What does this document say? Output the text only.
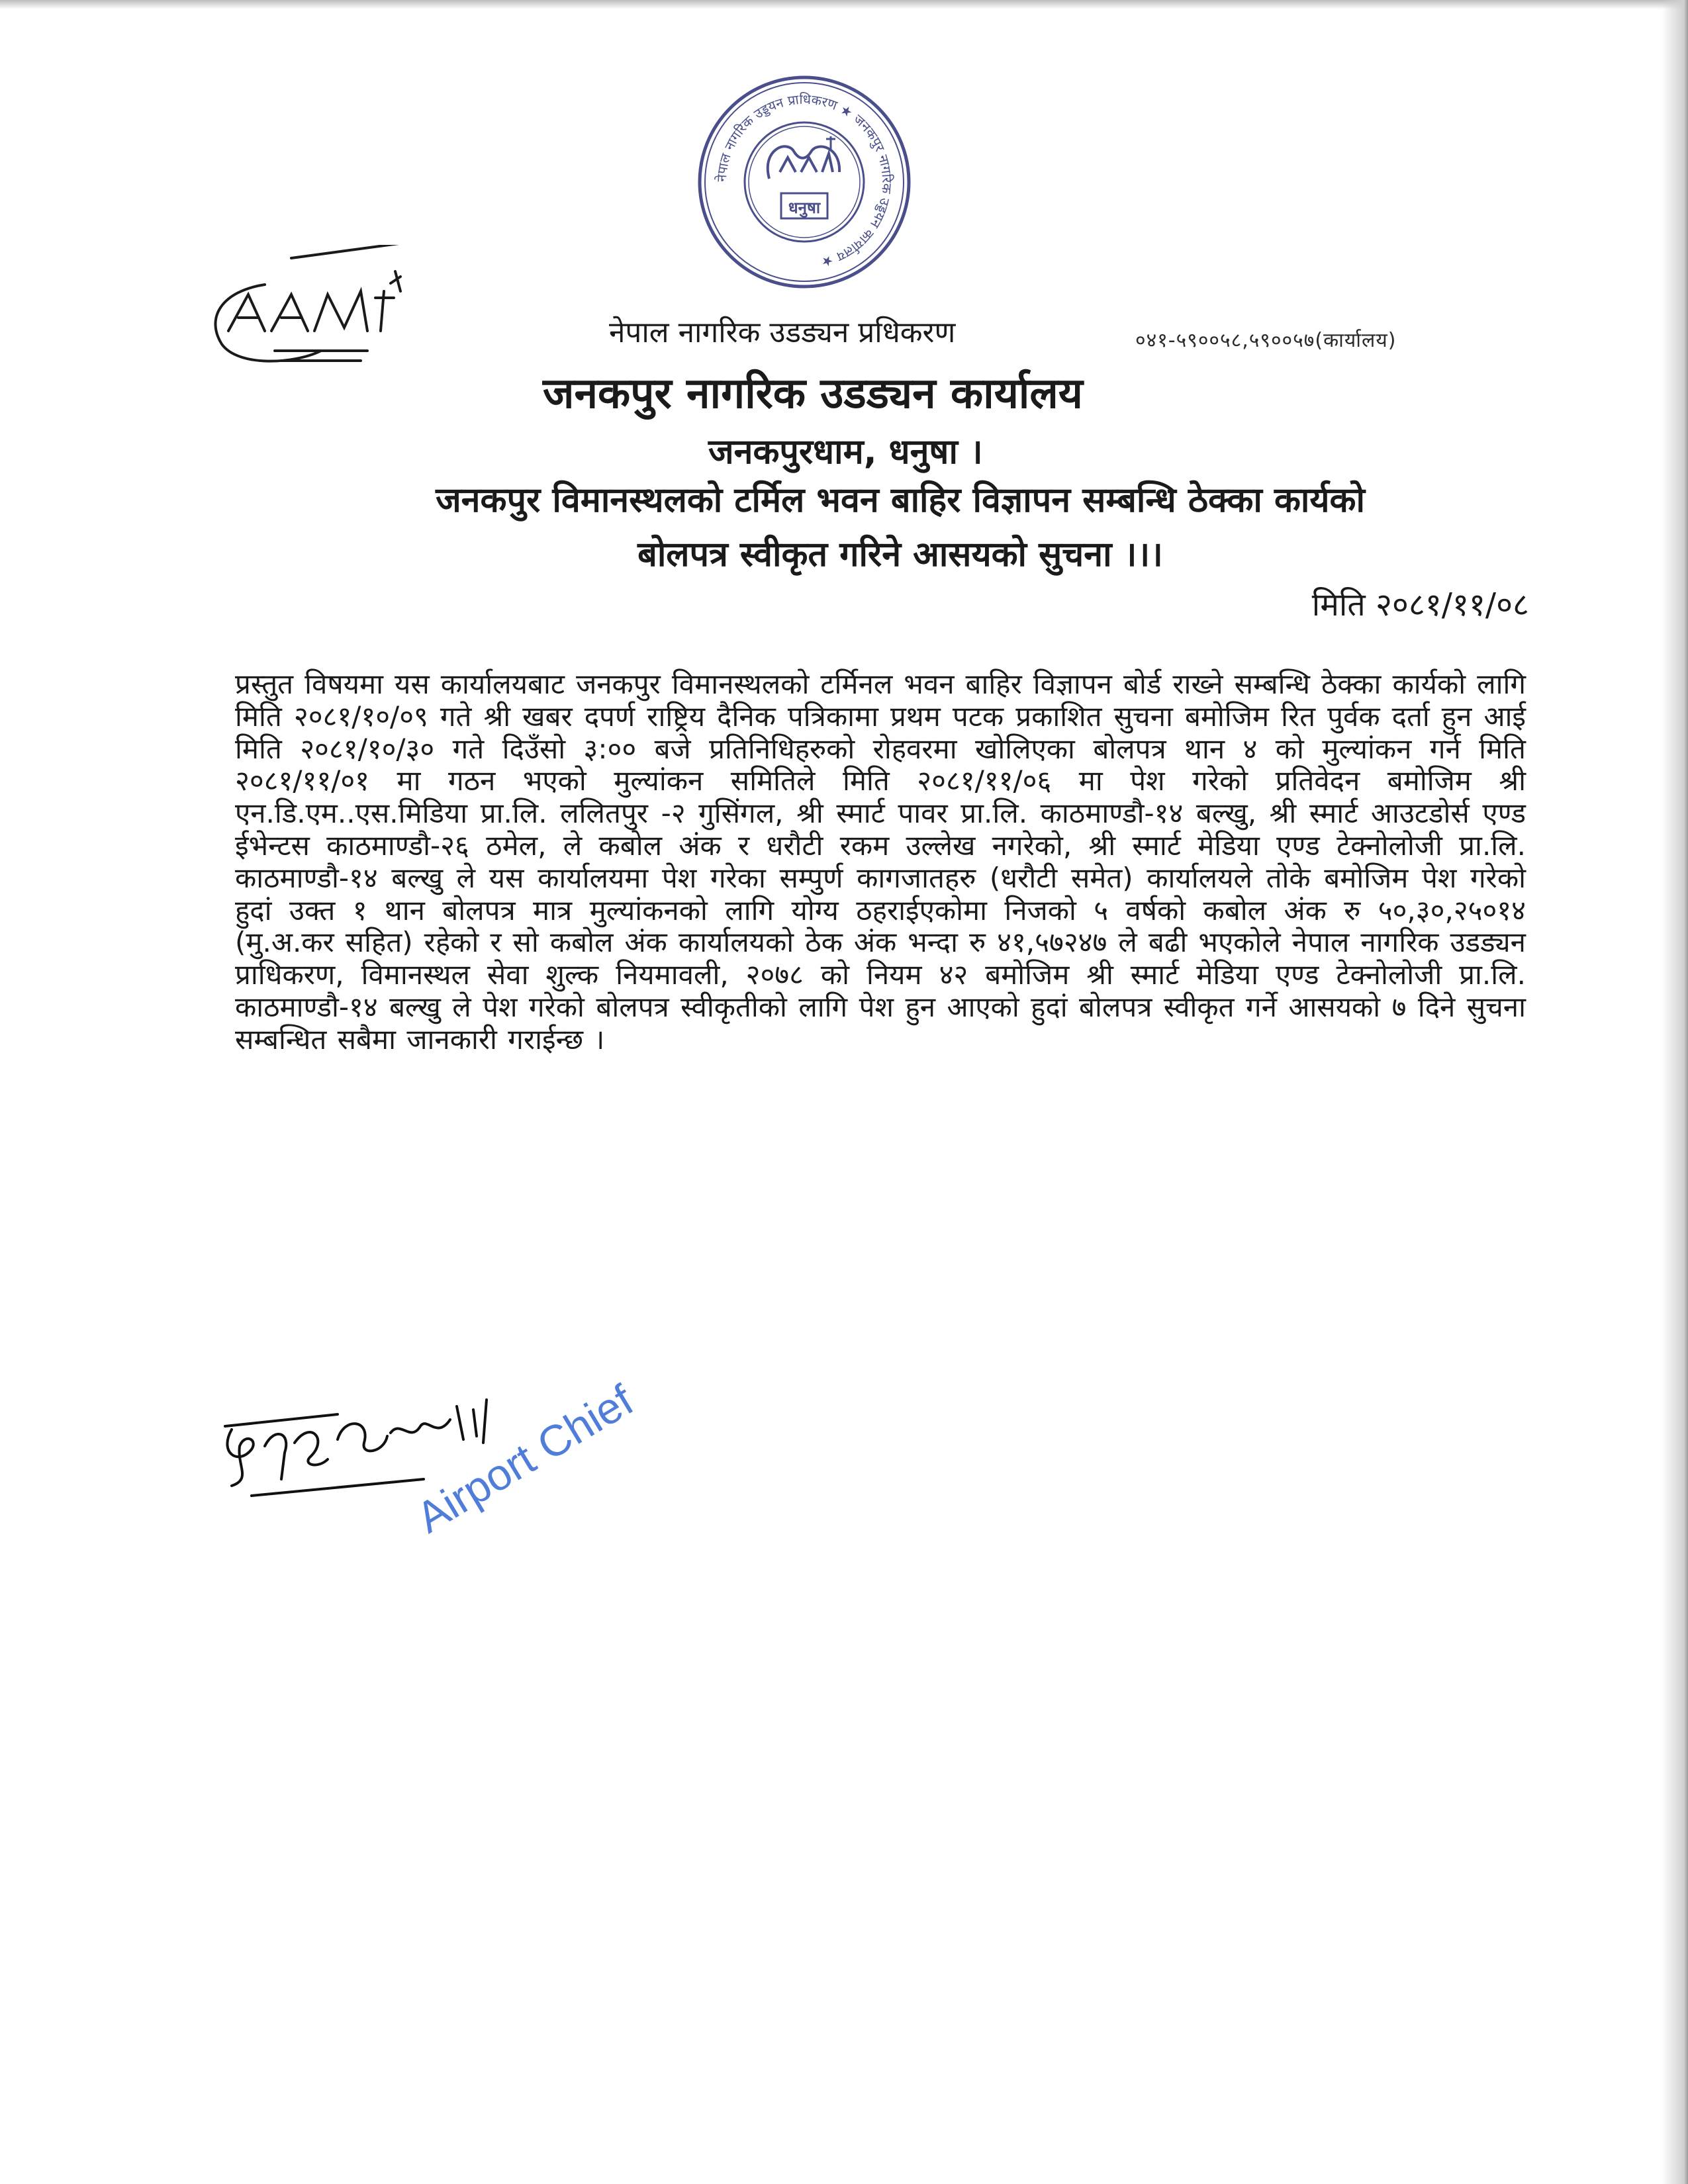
नेपाल नागरिक उड्डयन प्राधिकरण ★ जनकपुर नागरिक उड्डयन कार्यालय ★
धनुषा
नेपाल नागरिक उडड्यन प्रधिकरण	०४१-५९००५८,५९००५७(कार्यालय)
जनकपुर नागरिक उडड्यन कार्यालय
जनकपुरधाम, धनुषा ।
जनकपुर विमानस्थलको टर्मिल भवन बाहिर विज्ञापन सम्बन्धि ठेक्का कार्यको
बोलपत्र स्वीकृत गरिने आसयको सुचना ।।।
मिति २०८१/११/०८
प्रस्तुत विषयमा यस कार्यालयबाट जनकपुर विमानस्थलको टर्मिनल भवन बाहिर विज्ञापन बोर्ड राख्ने सम्बन्धि ठेक्का कार्यको लागि मिति २०८१/१०/०९ गते श्री खबर दपर्ण राष्ट्रिय दैनिक पत्रिकामा प्रथम पटक प्रकाशित सुचना बमोजिम रित पुर्वक दर्ता हुन आई मिति २०८१/१०/३० गते दिउँसो ३:०० बजे प्रतिनिधिहरुको रोहवरमा खोलिएका बोलपत्र थान ४ को मुल्यांकन गर्न मिति २०८१/११/०१ मा गठन भएको मुल्यांकन समितिले मिति २०८१/११/०६ मा पेश गरेको प्रतिवेदन बमोजिम श्री एन.डि.एम..एस.मिडिया प्रा.लि. ललितपुर -२ गुसिंगल, श्री स्मार्ट पावर प्रा.लि. काठमाण्डौ-१४ बल्खु, श्री स्मार्ट आउटडोर्स एण्ड ईभेन्टस काठमाण्डौ-२६ ठमेल, ले कबोल अंक र धरौटी रकम उल्लेख नगरेको, श्री स्मार्ट मेडिया एण्ड टेक्नोलोजी प्रा.लि. काठमाण्डौ-१४ बल्खु ले यस कार्यालयमा पेश गरेका सम्पुर्ण कागजातहरु (धरौटी समेत) कार्यालयले तोके बमोजिम पेश गरेको हुदां उक्त १ थान बोलपत्र मात्र मुल्यांकनको लागि योग्य ठहराईएकोमा निजको ५ वर्षको कबोल अंक रु ५०,३०,२५०१४ (मु.अ.कर सहित) रहेको र सो कबोल अंक कार्यालयको ठेक अंक भन्दा रु ४१,५७२४७ ले बढी भएकोले नेपाल नागरिक उडड्यन प्राधिकरण, विमानस्थल सेवा शुल्क नियमावली, २०७८ को नियम ४२ बमोजिम श्री स्मार्ट मेडिया एण्ड टेक्नोलोजी प्रा.लि. काठमाण्डौ-१४ बल्खु ले पेश गरेको बोलपत्र स्वीकृतीको लागि पेश हुन आएको हुदां बोलपत्र स्वीकृत गर्ने आसयको ७ दिने सुचना सम्बन्धित सबैमा जानकारी गराईन्छ ।
Airport Chief
